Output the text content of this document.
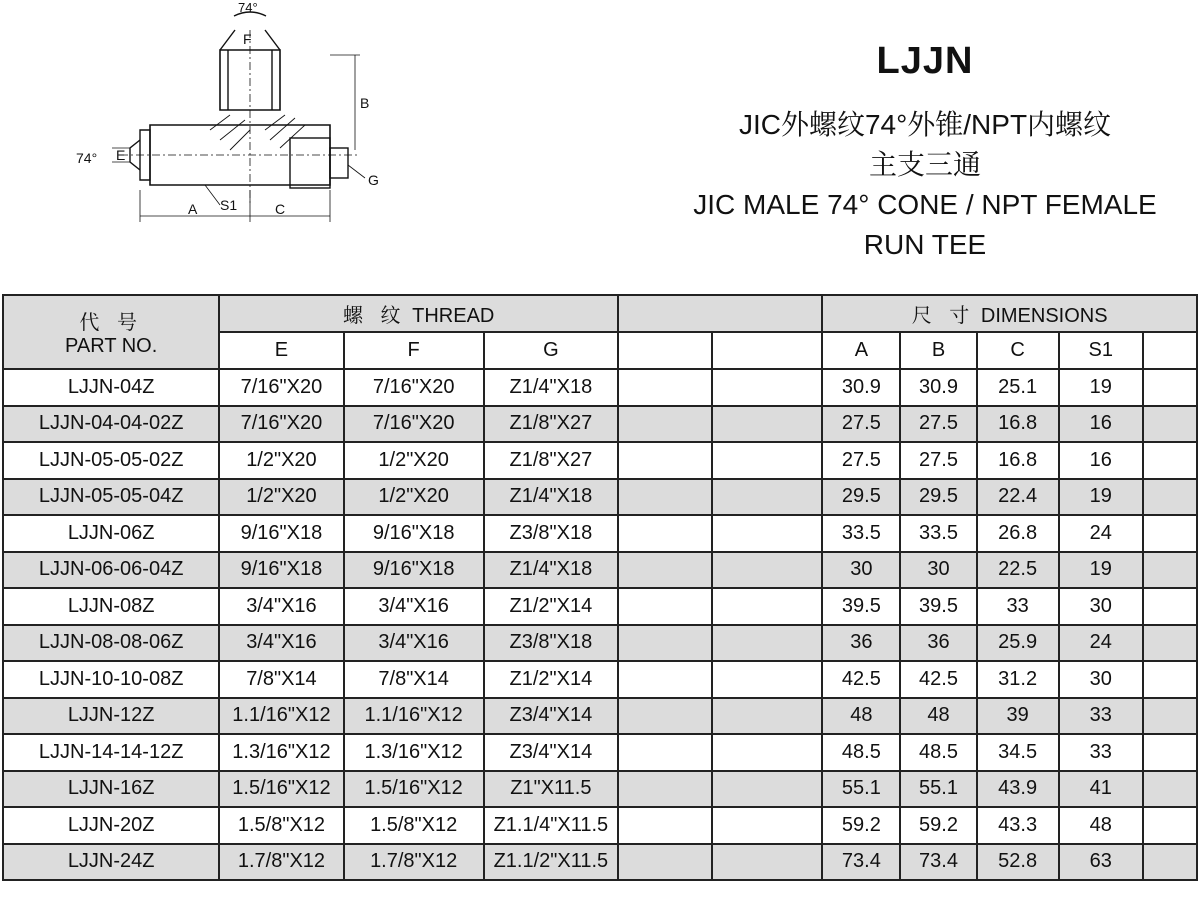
74°
F
74° E
B
G
A S1	C
LJJN
JIC外螺纹74°外锥/NPT内螺纹
主支三通
JIC MALE 74° CONE / NPT FEMALE
RUN TEE
代 号
PART NO.	螺 纹 THREAD					尺 寸 DIMENSIONS				
	E	F	G			A	B	C	S1	
LJJN-04Z	7/16"X20	7/16"X20	Z1/4"X18			30.9	30.9	25.1	19	
LJJN-04-04-02Z	7/16"X20	7/16"X20	Z1/8"X27			27.5	27.5	16.8	16	
LJJN-05-05-02Z	1/2"X20	1/2"X20	Z1/8"X27			27.5	27.5	16.8	16	
LJJN-05-05-04Z	1/2"X20	1/2"X20	Z1/4"X18			29.5	29.5	22.4	19	
LJJN-06Z	9/16"X18	9/16"X18	Z3/8"X18			33.5	33.5	26.8	24	
LJJN-06-06-04Z	9/16"X18	9/16"X18	Z1/4"X18			30	30	22.5	19	
LJJN-08Z	3/4"X16	3/4"X16	Z1/2"X14			39.5	39.5	33	30	
LJJN-08-08-06Z	3/4"X16	3/4"X16	Z3/8"X18			36	36	25.9	24	
LJJN-10-10-08Z	7/8"X14	7/8"X14	Z1/2"X14			42.5	42.5	31.2	30	
LJJN-12Z	1.1/16"X12	1.1/16"X12	Z3/4"X14			48	48	39	33	
LJJN-14-14-12Z	1.3/16"X12	1.3/16"X12	Z3/4"X14			48.5	48.5	34.5	33	
LJJN-16Z	1.5/16"X12	1.5/16"X12	Z1"X11.5			55.1	55.1	43.9	41	
LJJN-20Z	1.5/8"X12	1.5/8"X12	Z1.1/4"X11.5			59.2	59.2	43.3	48	
LJJN-24Z	1.7/8"X12	1.7/8"X12	Z1.1/2"X11.5			73.4	73.4	52.8	63	
